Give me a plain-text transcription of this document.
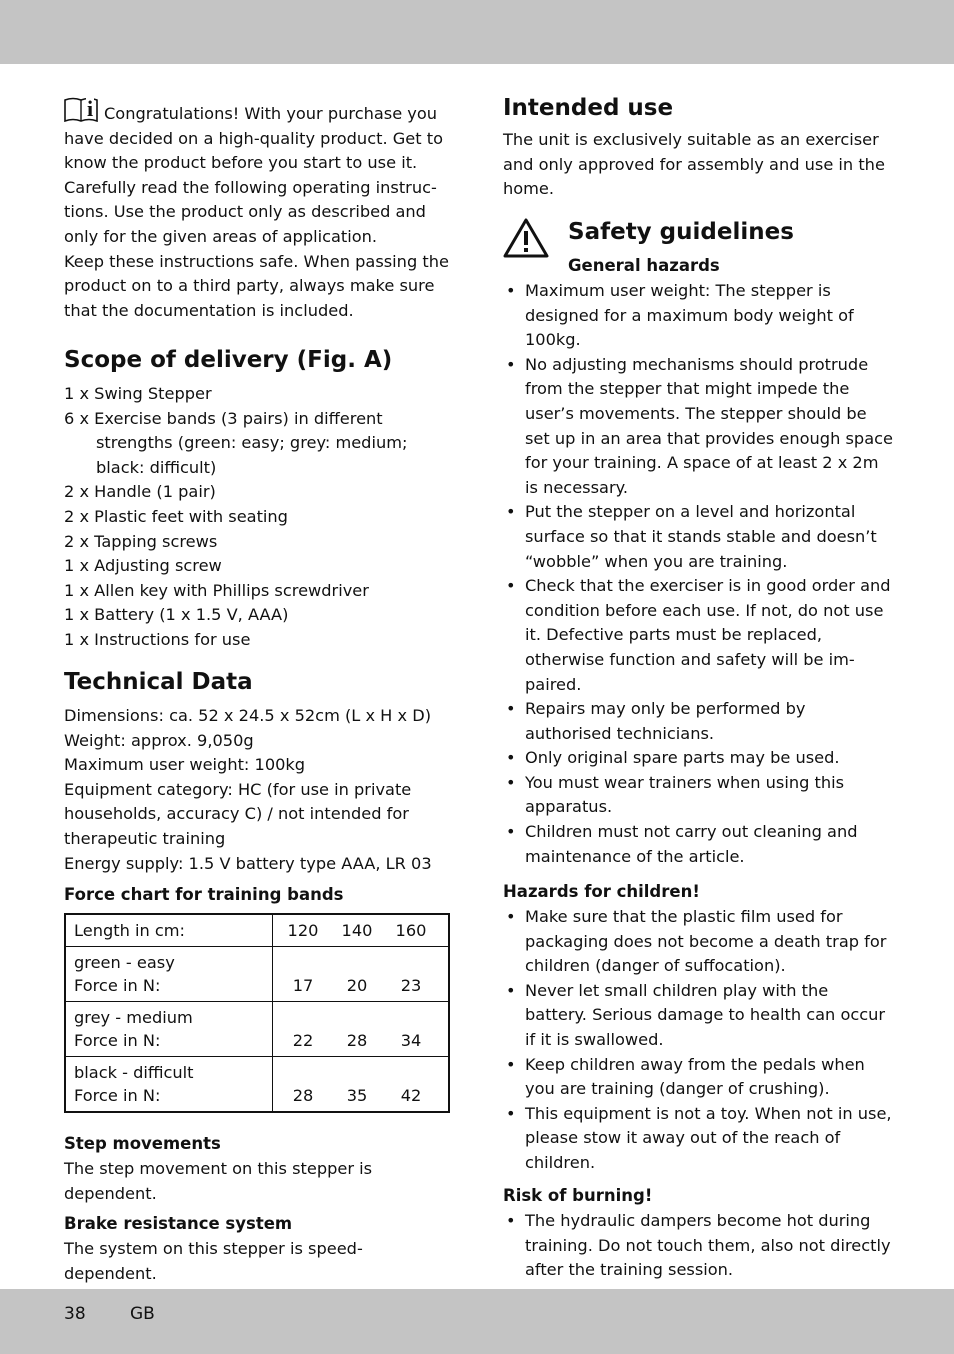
i Congratulations! With your purchase you
have decided on a high-quality product. Get to
know the product before you start to use it.
Carefully read the following operating instruc-
tions. Use the product only as described and
only for the given areas of application.
Keep these instructions safe. When passing the
product on to a third party, always make sure
that the documentation is included.

Scope of delivery (Fig. A)
1 x Swing Stepper
6 x Exercise bands (3 pairs) in different strengths (green: easy; grey: medium; black: difficult)
2 x Handle (1 pair)
2 x Plastic feet with seating
2 x Tapping screws
1 x Adjusting screw
1 x Allen key with Phillips screwdriver
1 x Battery (1 x 1.5 V, AAA)
1 x Instructions for use
Technical Data

Dimensions: ca. 52 x 24.5 x 52cm (L x H x D)

Weight: approx. 9,050g

Maximum user weight: 100kg

Equipment category: HC (for use in private households, accuracy C) / not intended for therapeutic training

Energy supply: 1.5 V battery type AAA, LR 03

Force chart for training bands
Length in cm:	120 140 160
green - easy
Force in N:	17 20 23
grey - medium
Force in N:	22 28 34
black - difficult
Force in N:	28 35 42
Step movements

The step movement on this stepper is dependent.

Brake resistance system

The system on this stepper is speed-dependent.

Intended use

The unit is exclusively suitable as an exerciser and only approved for assembly and use in the home.

Safety guidelines
General hazards
• Maximum user weight: The stepper is designed for a maximum body weight of 100kg.
• No adjusting mechanisms should protrude from the stepper that might impede the user’s movements. The stepper should be set up in an area that provides enough space for your training. A space of at least 2 x 2m is necessary.
• Put the stepper on a level and horizontal surface so that it stands stable and doesn’t “wobble” when you are training.
• Check that the exerciser is in good order and condition before each use. If not, do not use it. Defective parts must be replaced, otherwise function and safety will be im-paired.
• Repairs may only be performed by authorised technicians.
• Only original spare parts may be used.
• You must wear trainers when using this apparatus.
• Children must not carry out cleaning and maintenance of the article.
Hazards for children!
• Make sure that the plastic film used for packaging does not become a death trap for children (danger of suffocation).
• Never let small children play with the battery. Serious damage to health can occur if it is swallowed.
• Keep children away from the pedals when you are training (danger of crushing).
• This equipment is not a toy. When not in use, please stow it away out of the reach of children.
Risk of burning!
• The hydraulic dampers become hot during training. Do not touch them, also not directly after the training session.
38	GB
